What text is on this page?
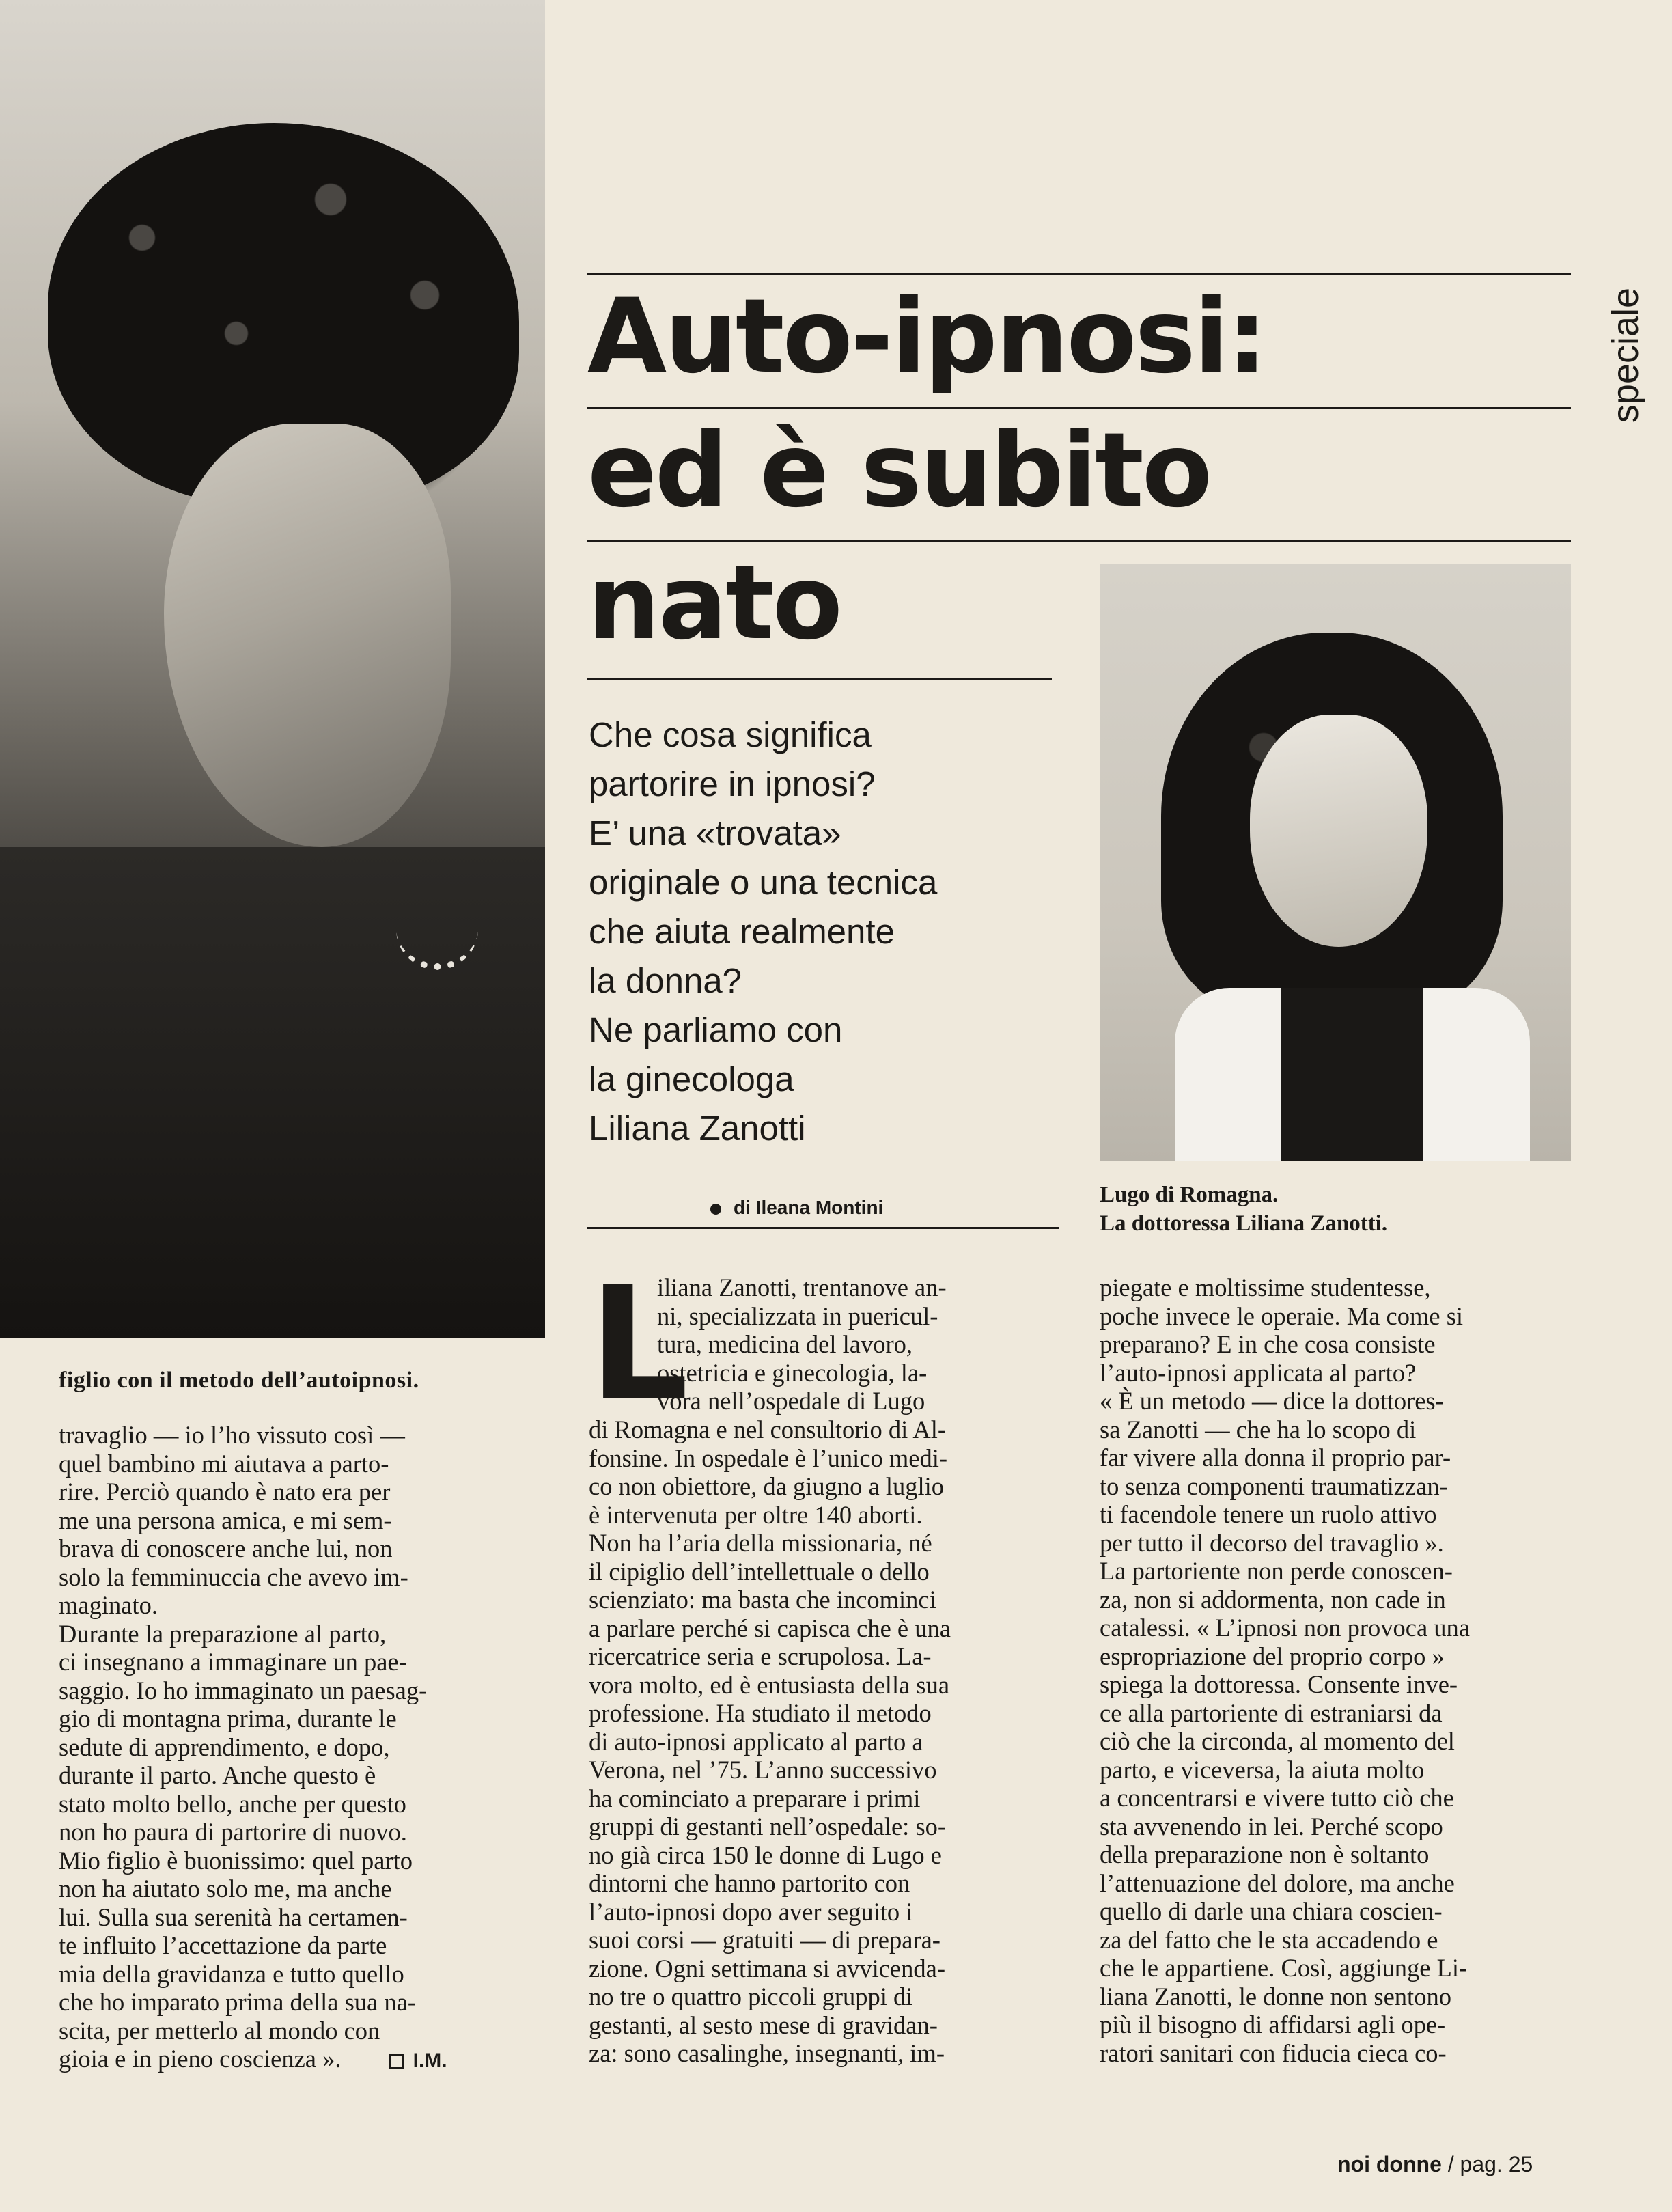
figlio con il metodo dell’autoipnosi.
speciale
Auto-ipnosi:
ed è subito
nato
Che cosa significa
partorire in ipnosi?
E’ una «trovata»
originale o una tecnica
che aiuta realmente
la donna?
Ne parliamo con
la ginecologa
Liliana Zanotti
di Ileana Montini
Lugo di Romagna.
La dottoressa Liliana Zanotti.
travaglio — io l’ho vissuto così —
quel bambino mi aiutava a parto-
rire. Perciò quando è nato era per
me una persona amica, e mi sem-
brava di conoscere anche lui, non
solo la femminuccia che avevo im-
maginato.
Durante la preparazione al parto,
ci insegnano a immaginare un pae-
saggio. Io ho immaginato un paesag-
gio di montagna prima, durante le
sedute di apprendimento, e dopo,
durante il parto. Anche questo è
stato molto bello, anche per questo
non ho paura di partorire di nuovo.
Mio figlio è buonissimo: quel parto
non ha aiutato solo me, ma anche
lui. Sulla sua serenità ha certamen-
te influito l’accettazione da parte
mia della gravidanza e tutto quello
che ho imparato prima della sua na-
scita, per metterlo al mondo con
gioia e in pieno coscienza ».	I.M.
L
iliana Zanotti, trentanove an-
ni, specializzata in puericul-
tura, medicina del lavoro,
ostetricia e ginecologia, la-
vora nell’ospedale di Lugo
di Romagna e nel consultorio di Al-
fonsine. In ospedale è l’unico medi-
co non obiettore, da giugno a luglio
è intervenuta per oltre 140 aborti.
Non ha l’aria della missionaria, né
il cipiglio dell’intellettuale o dello
scienziato: ma basta che incominci
a parlare perché si capisca che è una
ricercatrice seria e scrupolosa. La-
vora molto, ed è entusiasta della sua
professione. Ha studiato il metodo
di auto-ipnosi applicato al parto a
Verona, nel ’75. L’anno successivo
ha cominciato a preparare i primi
gruppi di gestanti nell’ospedale: so-
no già circa 150 le donne di Lugo e
dintorni che hanno partorito con
l’auto-ipnosi dopo aver seguito i
suoi corsi — gratuiti — di prepara-
zione. Ogni settimana si avvicenda-
no tre o quattro piccoli gruppi di
gestanti, al sesto mese di gravidan-
za: sono casalinghe, insegnanti, im-
piegate e moltissime studentesse,
poche invece le operaie. Ma come si
preparano? E in che cosa consiste
l’auto-ipnosi applicata al parto?
« È un metodo — dice la dottores-
sa Zanotti — che ha lo scopo di
far vivere alla donna il proprio par-
to senza componenti traumatizzan-
ti facendole tenere un ruolo attivo
per tutto il decorso del travaglio ».
La partoriente non perde conoscen-
za, non si addormenta, non cade in
catalessi. « L’ipnosi non provoca una
espropriazione del proprio corpo »
spiega la dottoressa. Consente inve-
ce alla partoriente di estraniarsi da
ciò che la circonda, al momento del
parto, e viceversa, la aiuta molto
a concentrarsi e vivere tutto ciò che
sta avvenendo in lei. Perché scopo
della preparazione non è soltanto
l’attenuazione del dolore, ma anche
quello di darle una chiara coscien-
za del fatto che le sta accadendo e
che le appartiene. Così, aggiunge Li-
liana Zanotti, le donne non sentono
più il bisogno di affidarsi agli ope-
ratori sanitari con fiducia cieca co-
noi donne / pag. 25
